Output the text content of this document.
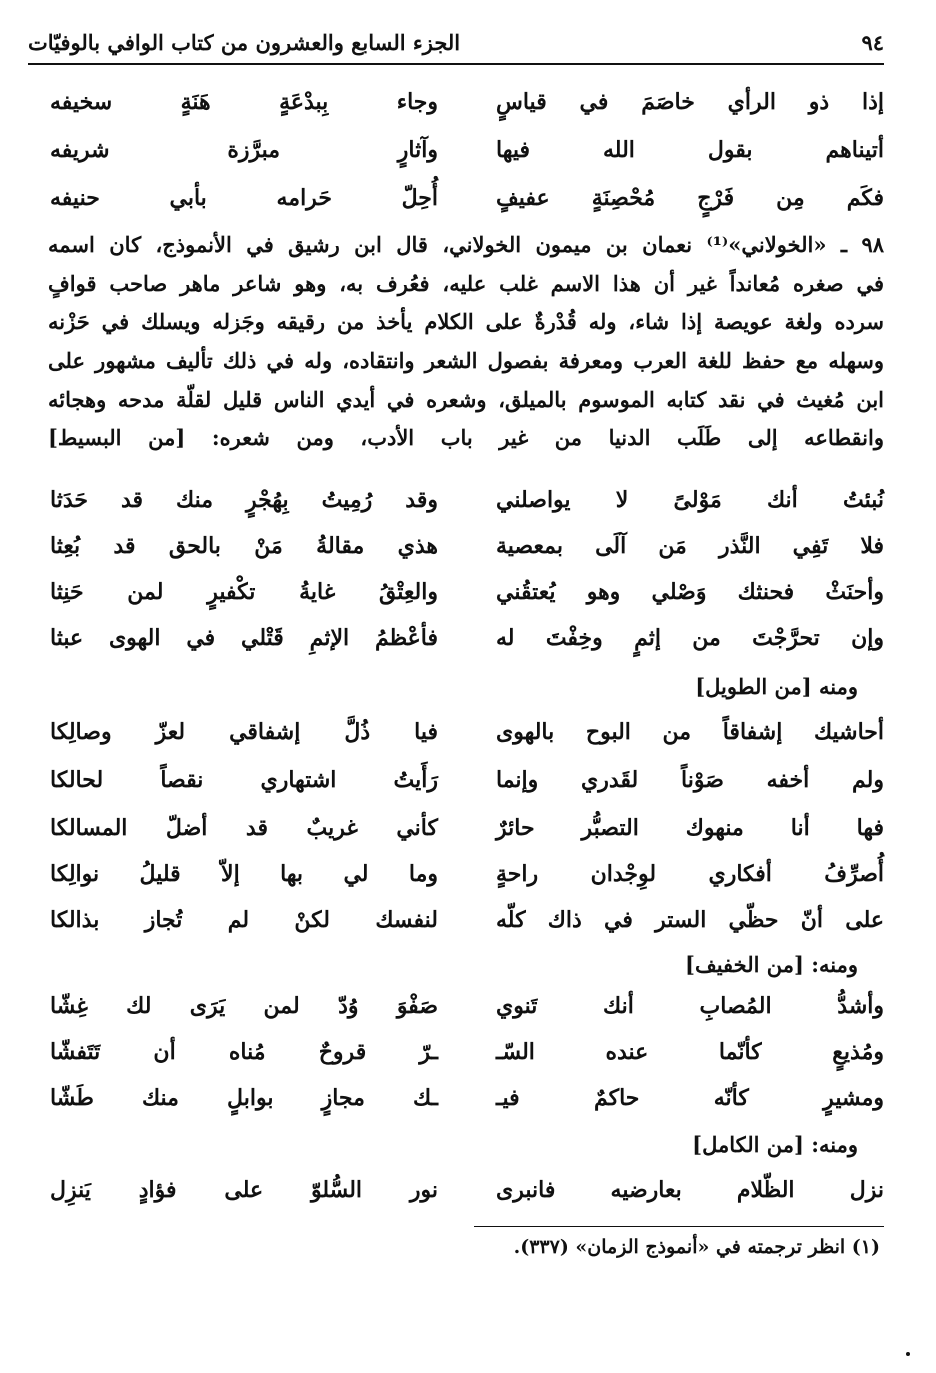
٩٤
الجزء السابع والعشرون من كتاب الوافي بالوفيّات
إذا ذو الرأي خاصَمَ في قياسٍ
وجاء بِبدْعَةٍ هَنَةٍ سخيفه
أتيناهم بقول الله فيها
وآثارٍ مبرَّزة شريفه
فكَم مِن فَرْجٍ مُحْصِنَةٍ عفيفٍ
أُحِلّ حَرامه بأبي حنيفه
٩٨ ـ «الخولاني»⁽¹⁾ نعمان بن ميمون الخولاني، قال ابن رشيق في الأنموذج، كان اسمه
في صغره مُعانداً غير أن هذا الاسم غلب عليه، فعُرف به، وهو شاعر ماهر صاحب قوافٍ
سرده ولغة عويصة إذا شاء، وله قُدْرةٌ على الكلام يأخذ من رقيقه وجَزله ويسلك في حَزْنه
وسهله مع حفظ للغة العرب ومعرفة بفصول الشعر وانتقاده، وله في ذلك تأليف مشهور على
ابن مُغيث في نقد كتابه الموسوم بالميلق، وشعره في أيدي الناس قليل لقلّة مدحه وهجائه
وانقطاعه إلى طَلَب الدنيا من غير باب الأدب، ومن شعره: [من البسيط]
نُبئتُ أنك مَوْلىً لا يواصلني
وقد رُمِيتُ بِهُجْرٍ منك قد حَدَثا
فلا تَفِي النَّذر مَن آلَى بمعصية
هذي مقالةُ مَنْ بالحق قد بُعِثا
وأحنَثْ فحنثك وَصْلي وهو يُعتقُني
والعِتْقُ غايةُ تكْفيرٍ لمن حَنِثا
وإن تحرَّجْتَ من إثمٍ وخِفْتَ له
فأعْظمُ الإثمِ قَتْلي في الهوى عبثا
ومنه [من الطويل]
أحاشيك إشفاقاً من البوح بالهوى
فيا ذُلَّ إشفاقي لعزّ وصالِكا
ولم أخفه صَوْناً لقَدري وإنما
رَأَيتُ اشتهاري نقصاً لحالكا
فها أنا منهوك التصبُّر حائرٌ
كأني غريبٌ قد أضلّ المسالكا
أُصرِّفُ أفكاري لوِجْدان راحةٍ
وما لي بها إلاّ قليلُ نوالِكا
على أنّ حظّي الستر في ذاك كلّه
لنفسك لكنْ لم تُجاز بذالكا
ومنه: [من الخفيف]
وأشدُّ المُصابِ أنك تَنوي
صَفْوَ وُدّ لمن يَرَى لك غِشّا
ومُذيعٍ كأنّما عنده السّـ
ـرّ قروحٌ مُناه أن تَتَفشّا
ومشيرٍ كأنّه حاكمٌ فيـ
ـك مجازٍ بوابلٍ منك طَشّا
ومنه: [من الكامل]
نزل الظّلام بعارضيه فانبرى
نور السُّلوّ على فؤادٍ يَنزِل
(١) انظر ترجمته في «أنموذج الزمان» (٣٣٧).
